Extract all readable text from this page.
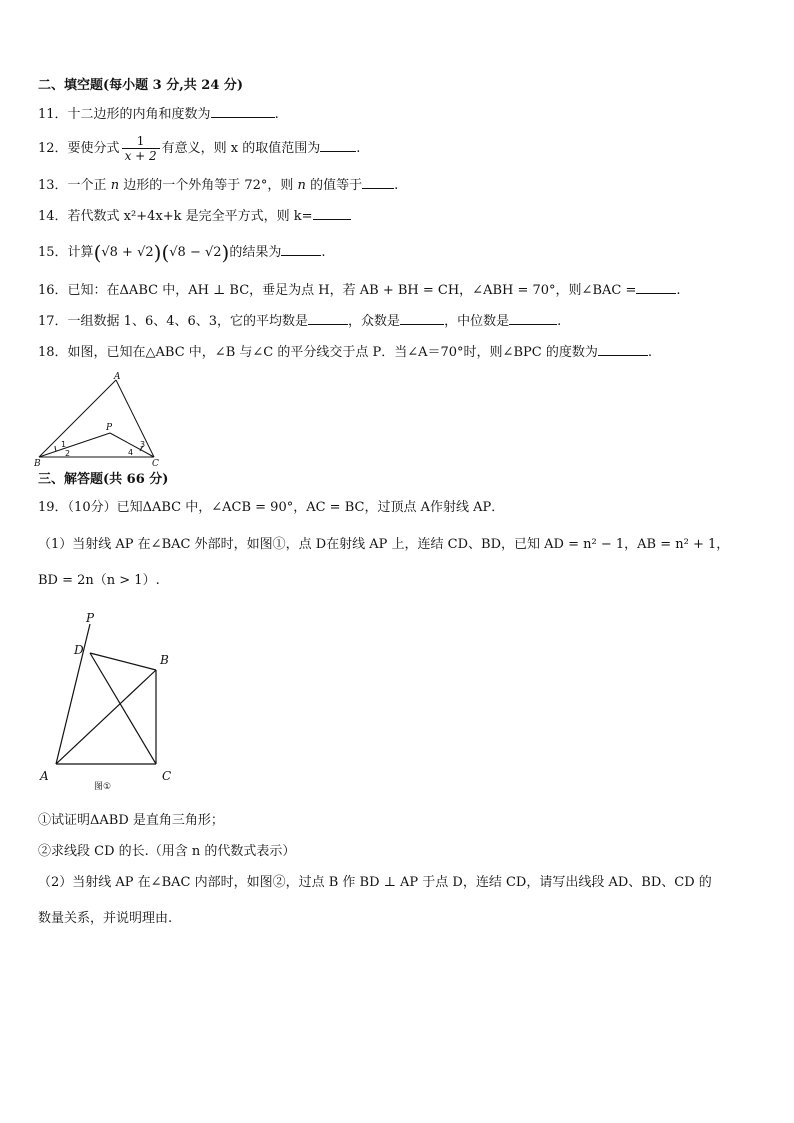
二、填空题(每小题 3 分,共 24 分)
11．十二边形的内角和度数为	.
12．要使分式 $\frac{1}{x + 2}$ 有意义，则 x 的取值范围为	.
13．一个正 n 边形的一个外角等于 72°，则 n 的值等于 .
14．若代数式 x²+4x+k 是完全平方式，则 k=
15．计算(√8 + √2)(√8 − √2)的结果为	.
16．已知：在ΔABC 中，AH ⊥ BC，垂足为点 H，若 AB + BH = CH，∠ABH = 70°，则∠BAC =	.
17．一组数据 1、6、4、6、3，它的平均数是	，众数是	，中位数是	.
18．如图，已知在△ABC 中，∠B 与∠C 的平分线交于点 P．当∠A＝70°时，则∠BPC 的度数为	.
A
B	C
P
1
2
3
4
三、解答题(共 66 分)
19．（10分）已知ΔABC 中，∠ACB = 90°，AC = BC，过顶点 A作射线 AP．
（1）当射线 AP 在∠BAC 外部时，如图①，点 D在射线 AP 上，连结 CD、BD，已知 AD = n² − 1，AB = n² + 1，
BD = 2n（n > 1）.
P
D
B
A	C
图①
①试证明ΔABD 是直角三角形；
②求线段 CD 的长.（用含 n 的代数式表示）
（2）当射线 AP 在∠BAC 内部时，如图②，过点 B 作 BD ⊥ AP 于点 D，连结 CD，请写出线段 AD、BD、CD 的
数量关系，并说明理由.
